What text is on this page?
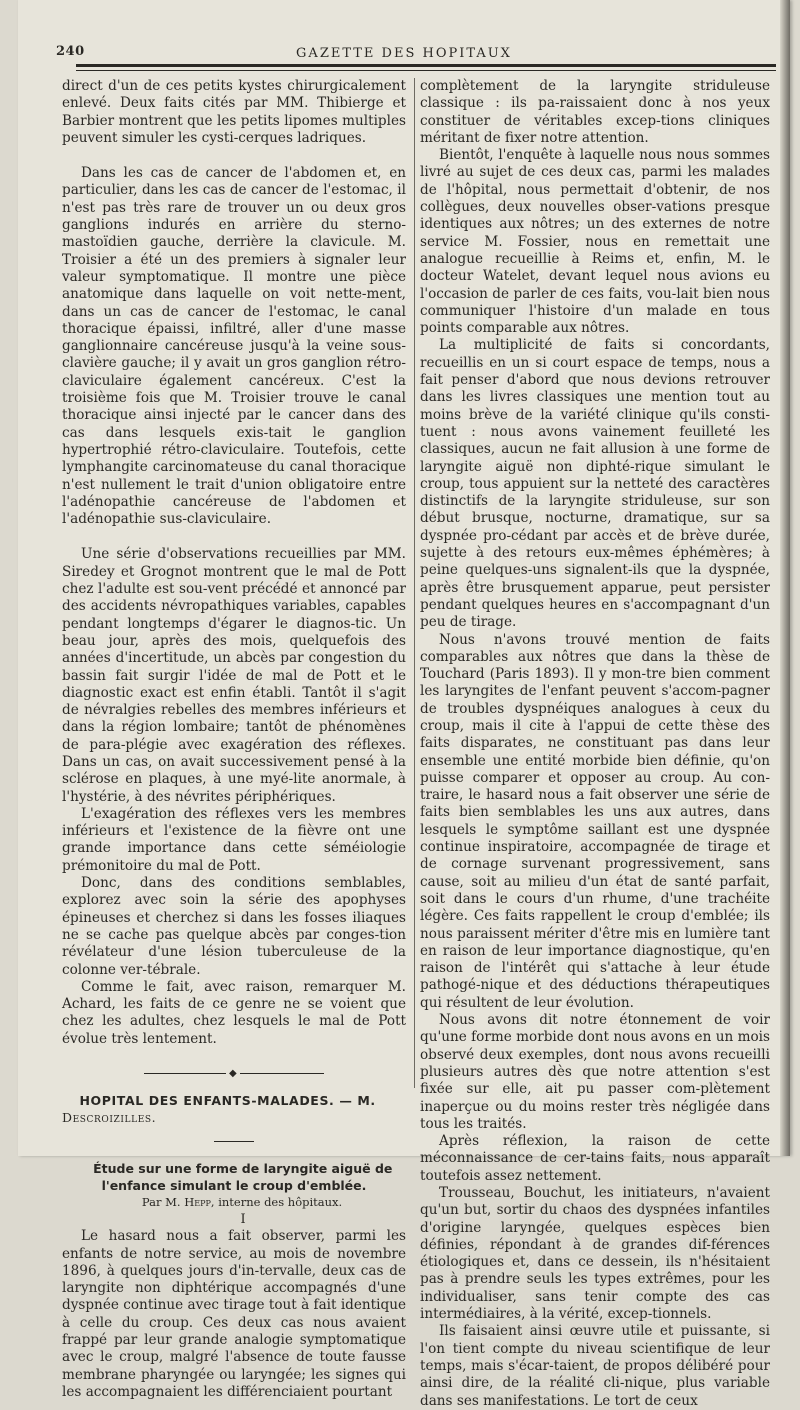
240	GAZETTE DES HOPITAUX

direct d'un de ces petits kystes chirurgicalement enlevé. Deux faits cités par MM. Thibierge et Barbier montrent que les petits lipomes multiples peuvent simuler les cysti-cerques ladriques.

Dans les cas de cancer de l'abdomen et, en particulier, dans les cas de cancer de l'estomac, il n'est pas très rare de trouver un ou deux gros ganglions indurés en arrière du sterno-mastoïdien gauche, derrière la clavicule. M. Troisier a été un des premiers à signaler leur valeur symptomatique. Il montre une pièce anatomique dans laquelle on voit nette-ment, dans un cas de cancer de l'estomac, le canal thoracique épaissi, infiltré, aller d'une masse ganglionnaire cancéreuse jusqu'à la veine sous-clavière gauche; il y avait un gros ganglion rétro-claviculaire également cancéreux. C'est la troisième fois que M. Troisier trouve le canal thoracique ainsi injecté par le cancer dans des cas dans lesquels exis-tait le ganglion hypertrophié rétro-claviculaire. Toutefois, cette lymphangite carcinomateuse du canal thoracique n'est nullement le trait d'union obligatoire entre l'adénopathie cancéreuse de l'abdomen et l'adénopathie sus-claviculaire.

Une série d'observations recueillies par MM. Siredey et Grognot montrent que le mal de Pott chez l'adulte est sou-vent précédé et annoncé par des accidents névropathiques variables, capables pendant longtemps d'égarer le diagnos-tic. Un beau jour, après des mois, quelquefois des années d'incertitude, un abcès par congestion du bassin fait surgir l'idée de mal de Pott et le diagnostic exact est enfin établi. Tantôt il s'agit de névralgies rebelles des membres inférieurs et dans la région lombaire; tantôt de phénomènes de para-plégie avec exagération des réflexes. Dans un cas, on avait successivement pensé à la sclérose en plaques, à une myé-lite anormale, à l'hystérie, à des névrites périphériques.

L'exagération des réflexes vers les membres inférieurs et l'existence de la fièvre ont une grande importance dans cette séméiologie prémonitoire du mal de Pott.

Donc, dans des conditions semblables, explorez avec soin la série des apophyses épineuses et cherchez si dans les fosses iliaques ne se cache pas quelque abcès par conges-tion révélateur d'une lésion tuberculeuse de la colonne ver-tébrale.

Comme le fait, avec raison, remarquer M. Achard, les faits de ce genre ne se voient que chez les adultes, chez lesquels le mal de Pott évolue très lentement.

◆

HOPITAL DES ENFANTS-MALADES. — M. Descroizilles.

Étude sur une forme de laryngite aiguë de l'enfance simulant le croup d'emblée.

Par M. Hepp, interne des hôpitaux.

I

Le hasard nous a fait observer, parmi les enfants de notre service, au mois de novembre 1896, à quelques jours d'in-tervalle, deux cas de laryngite non diphtérique accompagnés d'une dyspnée continue avec tirage tout à fait identique à celle du croup. Ces deux cas nous avaient frappé par leur grande analogie symptomatique avec le croup, malgré l'absence de toute fausse membrane pharyngée ou laryngée; les signes qui les accompagnaient les différenciaient pourtant

complètement de la laryngite striduleuse classique : ils pa-raissaient donc à nos yeux constituer de véritables excep-tions cliniques méritant de fixer notre attention.

Bientôt, l'enquête à laquelle nous nous sommes livré au sujet de ces deux cas, parmi les malades de l'hôpital, nous permettait d'obtenir, de nos collègues, deux nouvelles obser-vations presque identiques aux nôtres; un des externes de notre service M. Fossier, nous en remettait une analogue recueillie à Reims et, enfin, M. le docteur Watelet, devant lequel nous avions eu l'occasion de parler de ces faits, vou-lait bien nous communiquer l'histoire d'un malade en tous points comparable aux nôtres.

La multiplicité de faits si concordants, recueillis en un si court espace de temps, nous a fait penser d'abord que nous devions retrouver dans les livres classiques une mention tout au moins brève de la variété clinique qu'ils consti-tuent : nous avons vainement feuilleté les classiques, aucun ne fait allusion à une forme de laryngite aiguë non diphté-rique simulant le croup, tous appuient sur la netteté des caractères distinctifs de la laryngite striduleuse, sur son début brusque, nocturne, dramatique, sur sa dyspnée pro-cédant par accès et de brève durée, sujette à des retours eux-mêmes éphémères; à peine quelques-uns signalent-ils que la dyspnée, après être brusquement apparue, peut persister pendant quelques heures en s'accompagnant d'un peu de tirage.

Nous n'avons trouvé mention de faits comparables aux nôtres que dans la thèse de Touchard (Paris 1893). Il y mon-tre bien comment les laryngites de l'enfant peuvent s'accom-pagner de troubles dyspnéiques analogues à ceux du croup, mais il cite à l'appui de cette thèse des faits disparates, ne constituant pas dans leur ensemble une entité morbide bien définie, qu'on puisse comparer et opposer au croup. Au con-traire, le hasard nous a fait observer une série de faits bien semblables les uns aux autres, dans lesquels le symptôme saillant est une dyspnée continue inspiratoire, accompagnée de tirage et de cornage survenant progressivement, sans cause, soit au milieu d'un état de santé parfait, soit dans le cours d'un rhume, d'une trachéite légère. Ces faits rappellent le croup d'emblée; ils nous paraissent mériter d'être mis en lumière tant en raison de leur importance diagnostique, qu'en raison de l'intérêt qui s'attache à leur étude pathogé-nique et des déductions thérapeutiques qui résultent de leur évolution.

Nous avons dit notre étonnement de voir qu'une forme morbide dont nous avons en un mois observé deux exemples, dont nous avons recueilli plusieurs autres dès que notre attention s'est fixée sur elle, ait pu passer com-plètement inaperçue ou du moins rester très négligée dans tous les traités.

Après réflexion, la raison de cette méconnaissance de cer-tains faits, nous apparaît toutefois assez nettement.

Trousseau, Bouchut, les initiateurs, n'avaient qu'un but, sortir du chaos des dyspnées infantiles d'origine laryngée, quelques espèces bien définies, répondant à de grandes dif-férences étiologiques et, dans ce dessein, ils n'hésitaient pas à prendre seuls les types extrêmes, pour les individualiser, sans tenir compte des cas intermédiaires, à la vérité, excep-tionnels.

Ils faisaient ainsi œuvre utile et puissante, si l'on tient compte du niveau scientifique de leur temps, mais s'écar-taient, de propos délibéré pour ainsi dire, de la réalité cli-nique, plus variable dans ses manifestations. Le tort de ceux
